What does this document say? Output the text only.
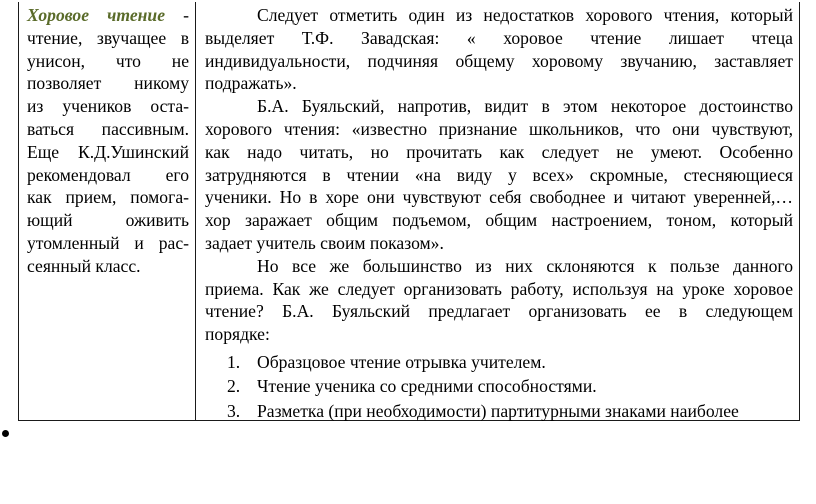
Хоровое чтение -
чтение, звучащее в
унисон, что не
позволяет никому
из учеников оста-
ваться пассивным.
Еще К.Д.Ушинский
рекомендовал его
как прием, помога-
ющий оживить
утомленный и рас-
сеянный класс.
Следует отметить один из недостатков хорового чтения, который
выделяет Т.Ф. Завадская: « хоровое чтение лишает чтеца
индивидуальности, подчиняя общему хоровому звучанию, заставляет
подражать».
Б.А. Буяльский, напротив, видит в этом некоторое достоинство
хорового чтения: «известно признание школьников, что они чувствуют,
как надо читать, но прочитать как следует не умеют. Особенно
затрудняются в чтении «на виду у всех» скромные, стесняющиеся
ученики. Но в хоре они чувствуют себя свободнее и читают уверенней,…
хор заражает общим подъемом, общим настроением, тоном, который
задает учитель своим показом».
Но все же большинство из них склоняются к пользе данного
приема. Как же следует организовать работу, используя на уроке хоровое
чтение? Б.А. Буяльский предлагает организовать ее в следующем
порядке:
1. Образцовое чтение отрывка учителем.
2. Чтение ученика со средними способностями.
3. Разметка (при необходимости) партитурными знаками наиболее
